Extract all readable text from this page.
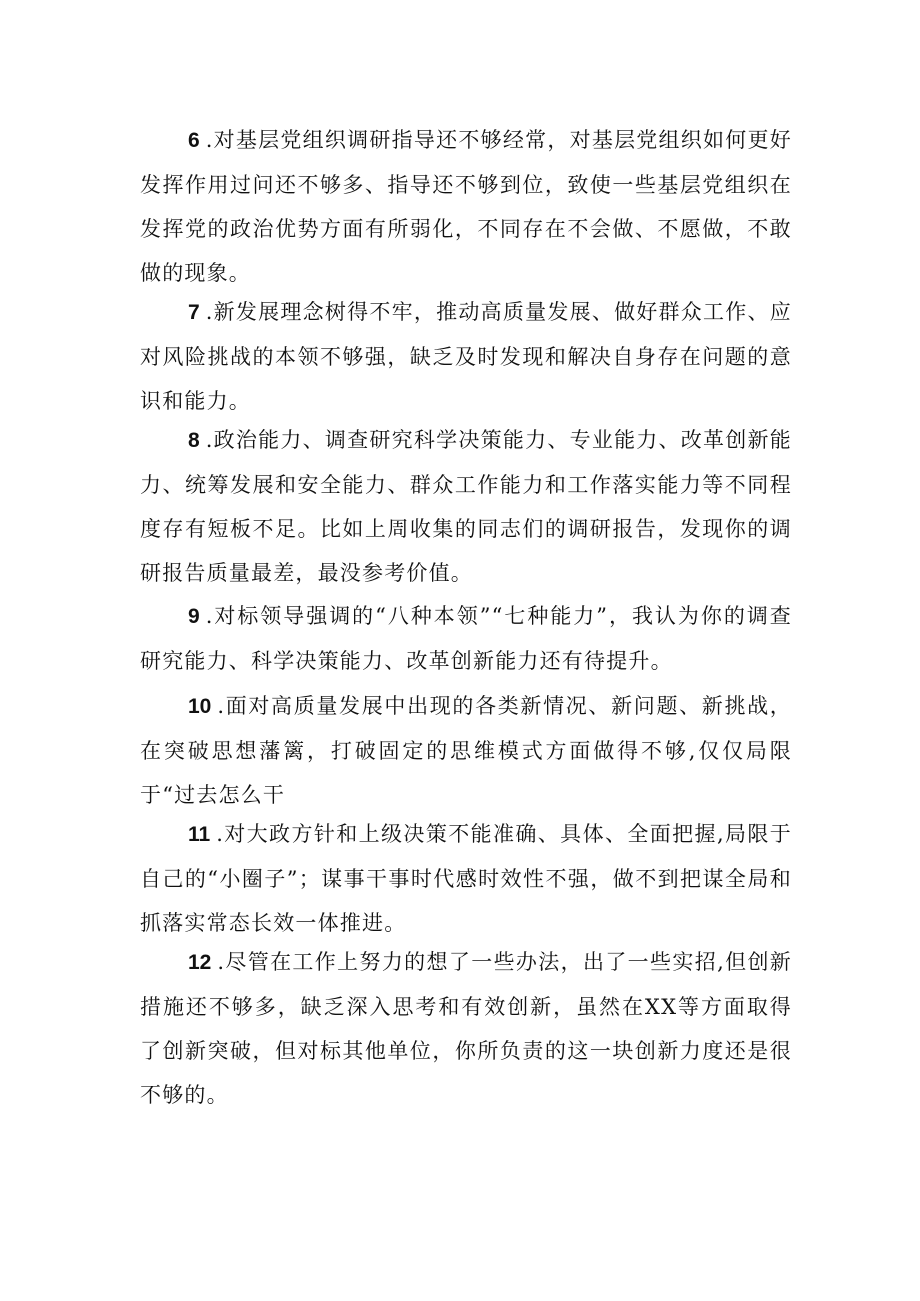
6 .对基层党组织调研指导还不够经常，对基层党组织如何更好发挥作用过问还不够多、指导还不够到位，致使一些基层党组织在发挥党的政治优势方面有所弱化，不同存在不会做、不愿做，不敢做的现象。

7 .新发展理念树得不牢，推动高质量发展、做好群众工作、应对风险挑战的本领不够强，缺乏及时发现和解决自身存在问题的意识和能力。

8 .政治能力、调查研究科学决策能力、专业能力、改革创新能力、统筹发展和安全能力、群众工作能力和工作落实能力等不同程度存有短板不足。比如上周收集的同志们的调研报告，发现你的调研报告质量最差，最没参考价值。

9 .对标领导强调的“八种本领”“七种能力”，我认为你的调查研究能力、科学决策能力、改革创新能力还有待提升。

10 .面对高质量发展中出现的各类新情况、新问题、新挑战，在突破思想藩篱，打破固定的思维模式方面做得不够,仅仅局限于“过去怎么干

11 .对大政方针和上级决策不能准确、具体、全面把握,局限于自己的“小圈子”；谋事干事时代感时效性不强，做不到把谋全局和抓落实常态长效一体推进。

12 .尽管在工作上努力的想了一些办法，出了一些实招,但创新措施还不够多，缺乏深入思考和有效创新，虽然在XX等方面取得了创新突破，但对标其他单位，你所负责的这一块创新力度还是很不够的。
